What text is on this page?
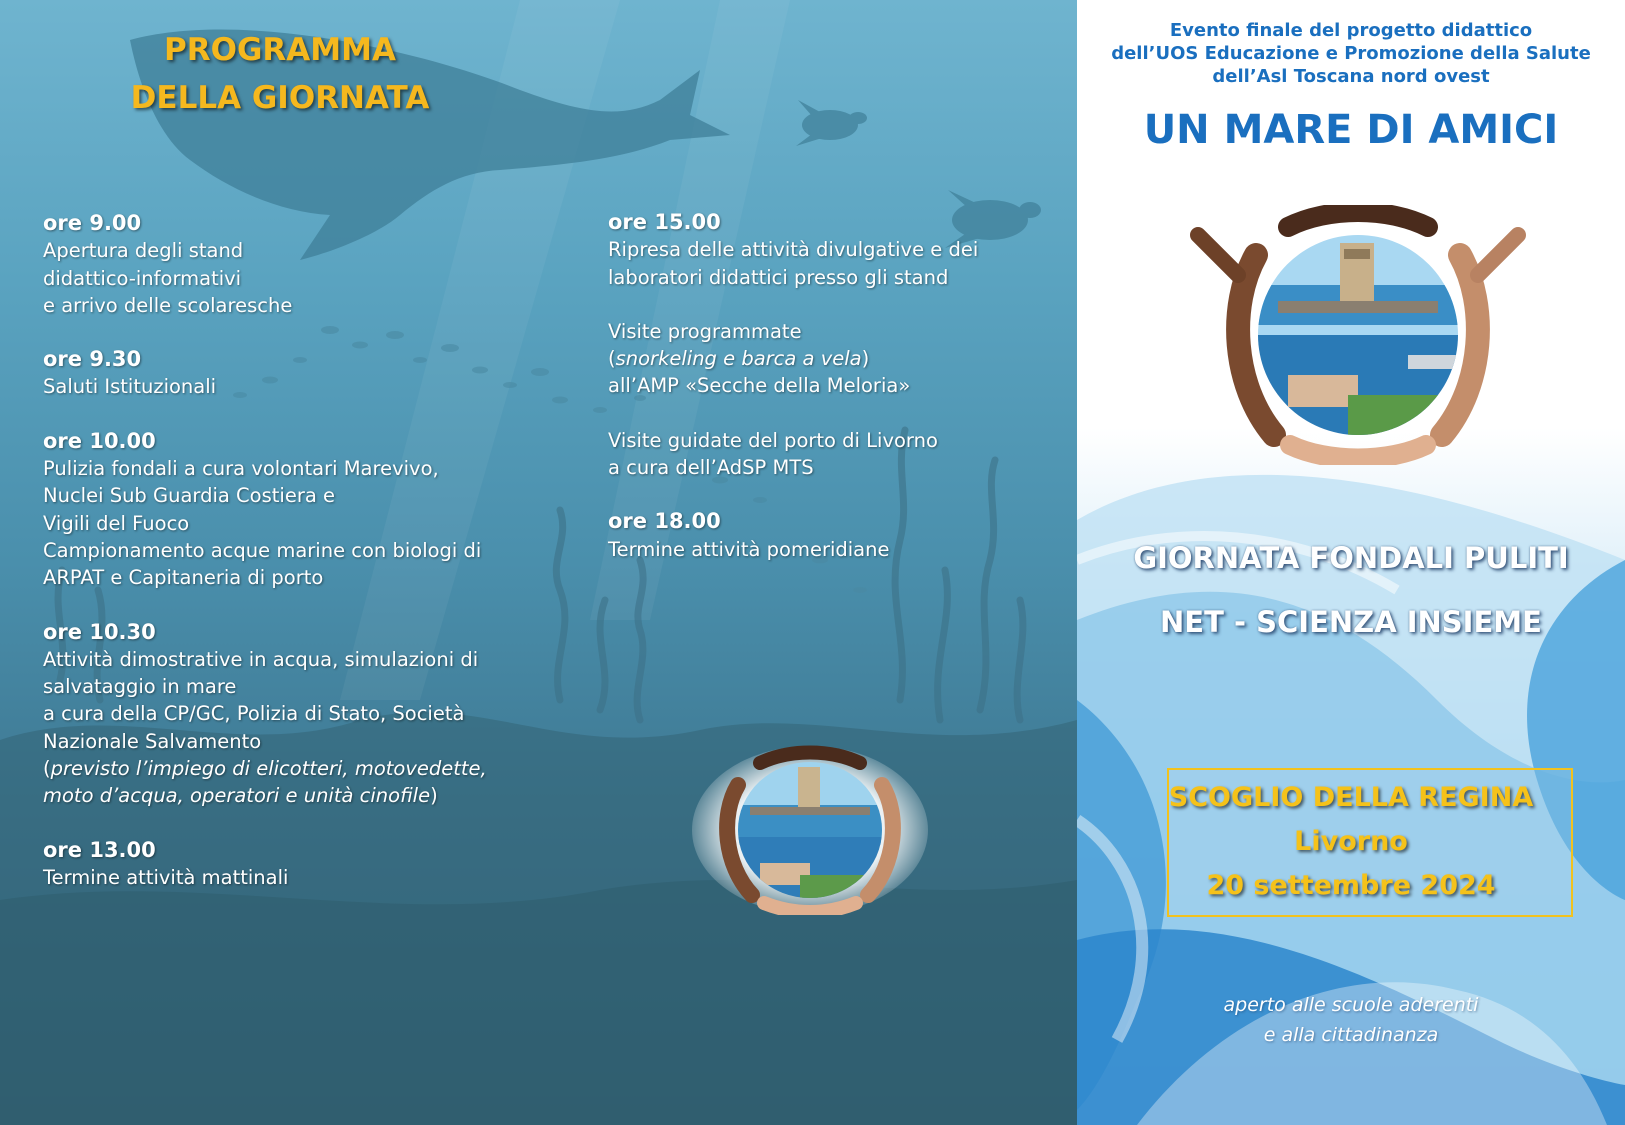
PROGRAMMA
DELLA GIORNATA
ore 9.00
Apertura degli stand
didattico-informativi
e arrivo delle scolaresche
ore 9.30
Saluti Istituzionali
ore 10.00
Pulizia fondali a cura volontari Marevivo,
Nuclei Sub Guardia Costiera e
Vigili del Fuoco
Campionamento acque marine con biologi di
ARPAT e Capitaneria di porto
ore 10.30
Attività dimostrative in acqua, simulazioni di
salvataggio in mare
a cura della CP/GC, Polizia di Stato, Società
Nazionale Salvamento
(previsto l’impiego di elicotteri, motovedette,
moto d’acqua, operatori e unità cinofile)
ore 13.00
Termine attività mattinali
ore 15.00
Ripresa delle attività divulgative e dei
laboratori didattici presso gli stand
Visite programmate
(snorkeling e barca a vela)
all’AMP «Secche della Meloria»
Visite guidate del porto di Livorno
a cura dell’AdSP MTS
ore 18.00
Termine attività pomeridiane
Evento finale del progetto didattico
dell’UOS Educazione e Promozione della Salute
dell’Asl Toscana nord ovest
UN MARE DI AMICI
GIORNATA FONDALI PULITI
NET - SCIENZA INSIEME
SCOGLIO DELLA REGINA
Livorno
20 settembre 2024
aperto alle scuole aderenti
e alla cittadinanza
